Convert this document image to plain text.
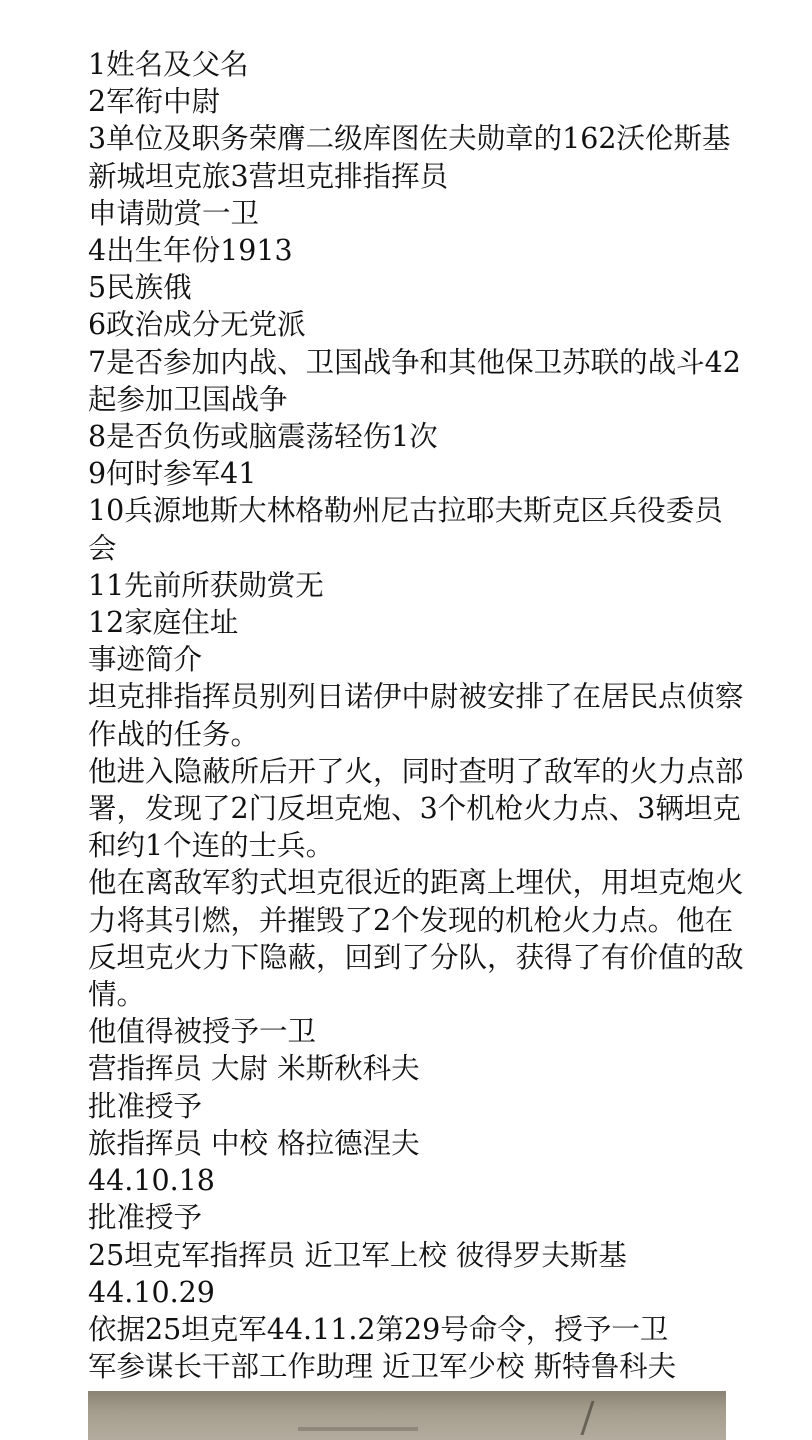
1姓名及父名
2军衔中尉
3单位及职务荣膺二级库图佐夫勋章的162沃伦斯基新城坦克旅3营坦克排指挥员
申请勋赏一卫
4出生年份1913
5民族俄
6政治成分无党派
7是否参加内战、卫国战争和其他保卫苏联的战斗42起参加卫国战争
8是否负伤或脑震荡轻伤1次
9何时参军41
10兵源地斯大林格勒州尼古拉耶夫斯克区兵役委员会
11先前所获勋赏无
12家庭住址
事迹简介
坦克排指挥员别列日诺伊中尉被安排了在居民点侦察作战的任务。
他进入隐蔽所后开了火，同时查明了敌军的火力点部署，发现了2门反坦克炮、3个机枪火力点、3辆坦克和约1个连的士兵。
他在离敌军豹式坦克很近的距离上埋伏，用坦克炮火力将其引燃，并摧毁了2个发现的机枪火力点。他在反坦克火力下隐蔽，回到了分队，获得了有价值的敌情。
他值得被授予一卫
营指挥员 大尉 米斯秋科夫
批准授予
旅指挥员 中校 格拉德涅夫
44.10.18
批准授予
25坦克军指挥员 近卫军上校 彼得罗夫斯基
44.10.29
依据25坦克军44.11.2第29号命令，授予一卫
军参谋长干部工作助理 近卫军少校 斯特鲁科夫
